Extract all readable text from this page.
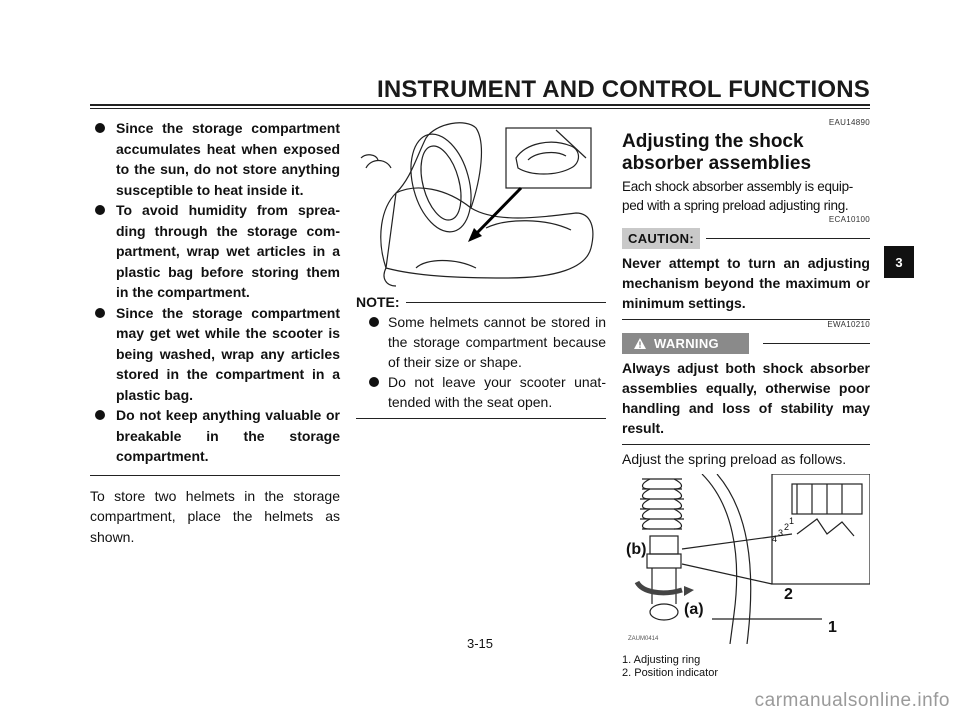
INSTRUMENT AND CONTROL FUNCTIONS
Since the storage compartment accumulates heat when exposed to the sun, do not store anything susceptible to heat inside it.
To avoid humidity from spreading through the storage compartment, wrap wet articles in a plastic bag before storing them in the compartment.
Since the storage compartment may get wet while the scooter is being washed, wrap any articles stored in the compartment in a plastic bag.
Do not keep anything valuable or breakable in the storage compartment.

To store two helmets in the storage compartment, place the helmets as shown.

NOTE:
Some helmets cannot be stored in the storage compartment because of their size or shape.
Do not leave your scooter unattended with the seat open.
EAU14890
Adjusting the shock absorber assemblies

Each shock absorber assembly is equipped with a spring preload adjusting ring.

ECA10100
CAUTION:

Never attempt to turn an adjusting mechanism beyond the maximum or minimum settings.

EWA10210
WARNING

Always adjust both shock absorber assemblies equally, otherwise poor handling and loss of stability may result.

Adjust the spring preload as follows.

(b)
(a)
2
1
1
2
3
4
ZAUM0414
1. Adjusting ring
2. Position indicator
3
3-15
carmanualsonline.info
